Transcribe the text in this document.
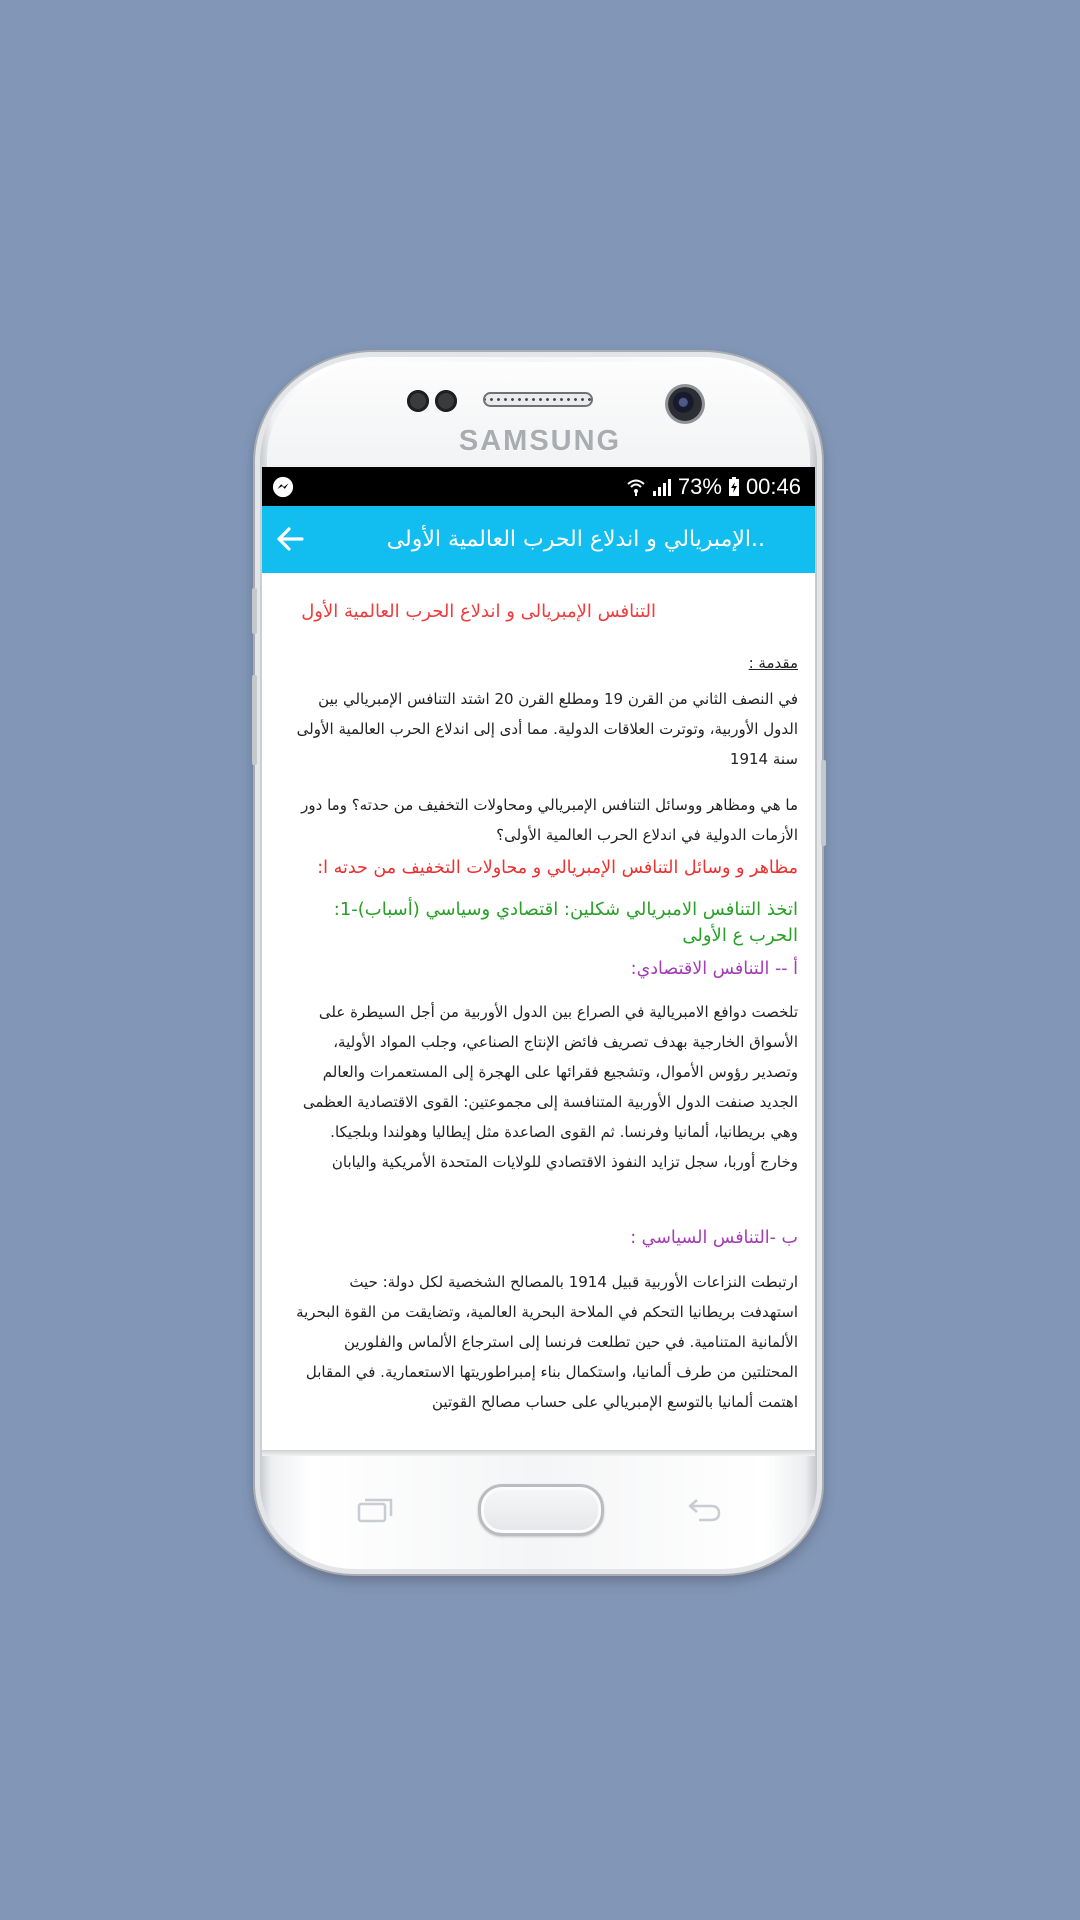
SAMSUNG
73% 00:46
..الإمبريالي و اندلاع الحرب العالمية الأولى
التنافس الإمبريالى و اندلاع الحرب العالمية الأول
مقدمة :
في النصف الثاني من القرن 19 ومطلع القرن 20 اشتد التنافس الإمبريالي بين الدول الأوربية، وتوترت العلاقات الدولية. مما أدى إلى اندلاع الحرب العالمية الأولى سنة 1914
ما هي ومظاهر ووسائل التنافس الإمبريالي ومحاولات التخفيف من حدته؟ وما دور الأزمات الدولية في اندلاع الحرب العالمية الأولى؟
مظاهر و وسائل التنافس الإمبريالي و محاولات التخفيف من حدته ا:
اتخذ التنافس الامبريالي شكلين: اقتصادي وسياسي (أسباب)-1: الحرب ع الأولى
أ -- التنافس الاقتصادي:
تلخصت دوافع الامبريالية في الصراع بين الدول الأوربية من أجل السيطرة على الأسواق الخارجية بهدف تصريف فائض الإنتاج الصناعي، وجلب المواد الأولية، وتصدير رؤوس الأموال، وتشجيع فقرائها على الهجرة إلى المستعمرات والعالم الجديد صنفت الدول الأوربية المتنافسة إلى مجموعتين: القوى الاقتصادية العظمى وهي بريطانيا، ألمانيا وفرنسا. ثم القوى الصاعدة مثل إيطاليا وهولندا وبلجيكا. وخارج أوربا، سجل تزايد النفوذ الاقتصادي للولايات المتحدة الأمريكية واليابان
ب -التنافس السياسي :
ارتبطت النزاعات الأوربية قبيل 1914 بالمصالح الشخصية لكل دولة: حيث استهدفت بريطانيا التحكم في الملاحة البحرية العالمية، وتضايقت من القوة البحرية الألمانية المتنامية. في حين تطلعت فرنسا إلى استرجاع الألماس والفلورين المحتلتين من طرف ألمانيا، واستكمال بناء إمبراطوريتها الاستعمارية. في المقابل اهتمت ألمانيا بالتوسع الإمبريالي على حساب مصالح القوتين
